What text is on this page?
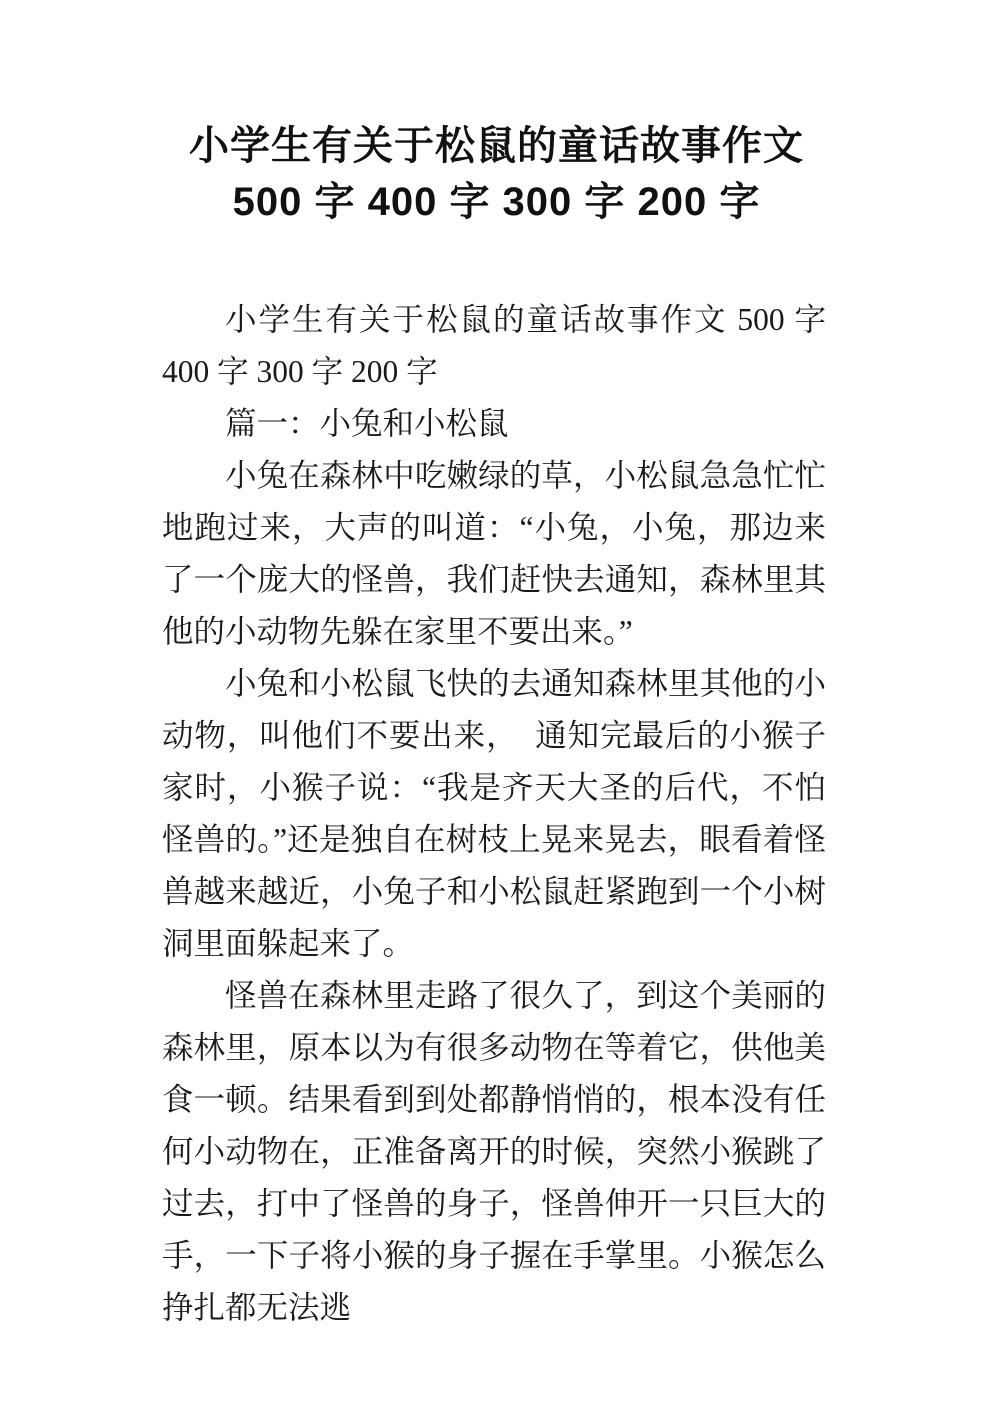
小学生有关于松鼠的童话故事作文
500 字 400 字 300 字 200 字

小学生有关于松鼠的童话故事作文 500 字 400 字 300 字 200 字

篇一：小兔和小松鼠

小兔在森林中吃嫩绿的草，小松鼠急急忙忙地跑过来，大声的叫道：“小兔，小兔，那边来了一个庞大的怪兽，我们赶快去通知，森林里其他的小动物先躲在家里不要出来。”

小兔和小松鼠飞快的去通知森林里其他的小动物，叫他们不要出来，　通知完最后的小猴子家时，小猴子说：“我是齐天大圣的后代，不怕怪兽的。”还是独自在树枝上晃来晃去，眼看着怪兽越来越近，小兔子和小松鼠赶紧跑到一个小树洞里面躲起来了。

怪兽在森林里走路了很久了，到这个美丽的森林里，原本以为有很多动物在等着它，供他美食一顿。结果看到到处都静悄悄的，根本没有任何小动物在，正准备离开的时候，突然小猴跳了过去，打中了怪兽的身子，怪兽伸开一只巨大的手，一下子将小猴的身子握在手掌里。小猴怎么挣扎都无法逃
